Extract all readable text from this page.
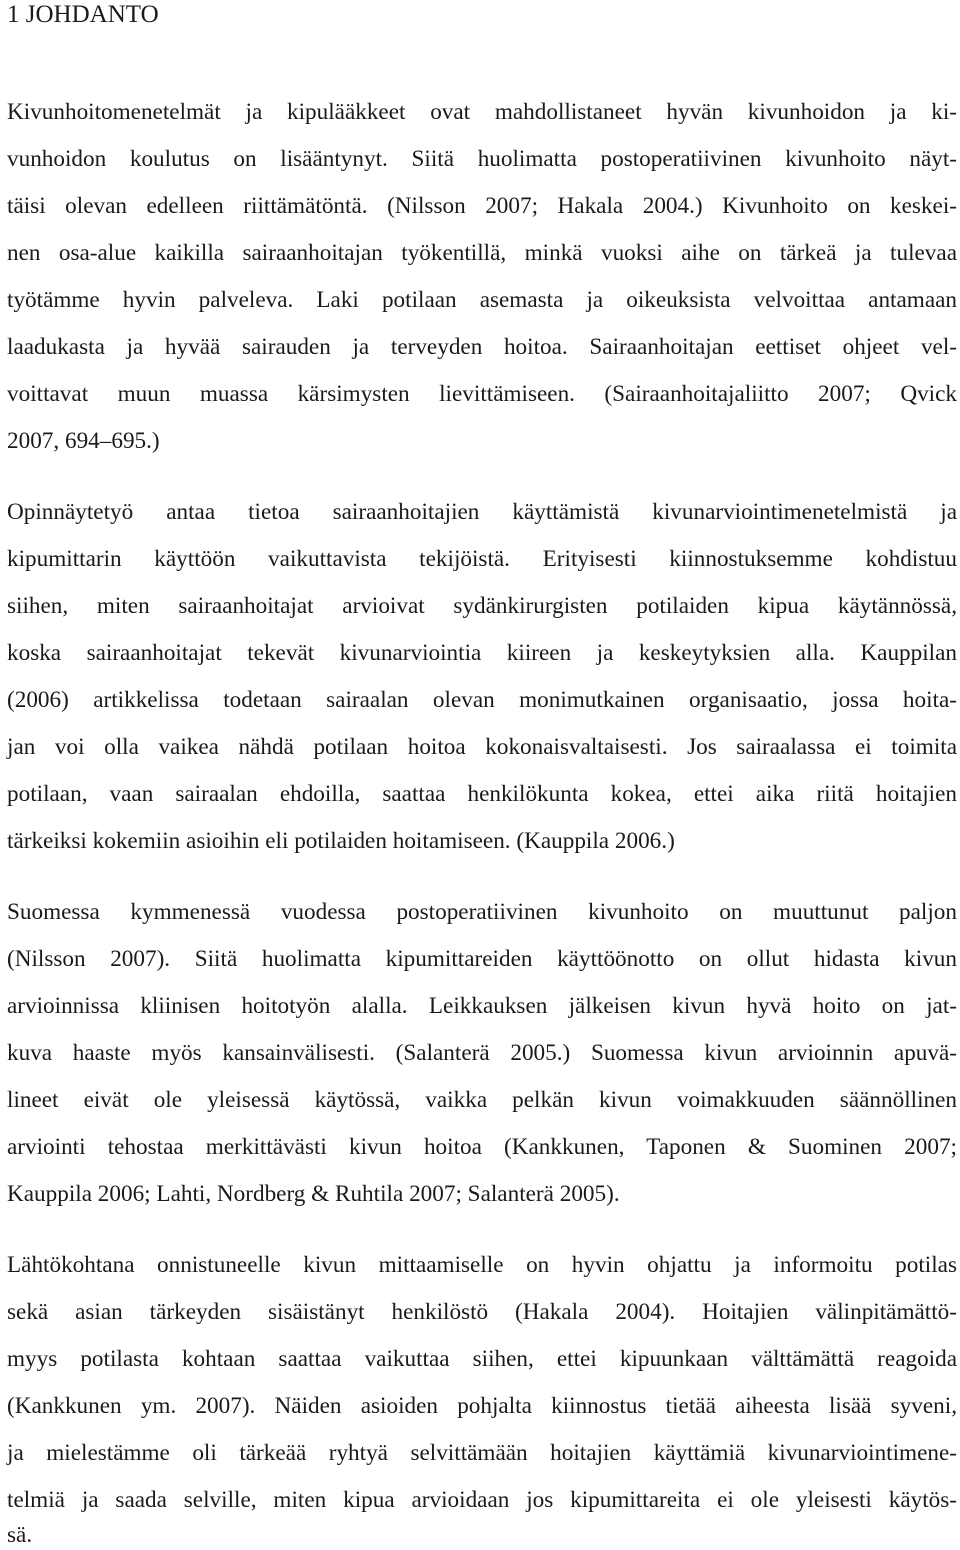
1 JOHDANTO
Kivunhoitomenetelmät ja kipulääkkeet ovat mahdollistaneet hyvän kivunhoidon ja ki-
vunhoidon koulutus on lisääntynyt. Siitä huolimatta postoperatiivinen kivunhoito näyt-
täisi olevan edelleen riittämätöntä. (Nilsson 2007; Hakala 2004.) Kivunhoito on keskei-
nen osa-alue kaikilla sairaanhoitajan työkentillä, minkä vuoksi aihe on tärkeä ja tulevaa
työtämme hyvin palveleva. Laki potilaan asemasta ja oikeuksista velvoittaa antamaan
laadukasta ja hyvää sairauden ja terveyden hoitoa. Sairaanhoitajan eettiset ohjeet vel-
voittavat muun muassa kärsimysten lievittämiseen. (Sairaanhoitajaliitto 2007; Qvick
2007, 694–695.)
Opinnäytetyö antaa tietoa sairaanhoitajien käyttämistä kivunarviointimenetelmistä ja
kipumittarin käyttöön vaikuttavista tekijöistä. Erityisesti kiinnostuksemme kohdistuu
siihen, miten sairaanhoitajat arvioivat sydänkirurgisten potilaiden kipua käytännössä,
koska sairaanhoitajat tekevät kivunarviointia kiireen ja keskeytyksien alla. Kauppilan
(2006) artikkelissa todetaan sairaalan olevan monimutkainen organisaatio, jossa hoita-
jan voi olla vaikea nähdä potilaan hoitoa kokonaisvaltaisesti. Jos sairaalassa ei toimita
potilaan, vaan sairaalan ehdoilla, saattaa henkilökunta kokea, ettei aika riitä hoitajien
tärkeiksi kokemiin asioihin eli potilaiden hoitamiseen. (Kauppila 2006.)
Suomessa kymmenessä vuodessa postoperatiivinen kivunhoito on muuttunut paljon
(Nilsson 2007). Siitä huolimatta kipumittareiden käyttöönotto on ollut hidasta kivun
arvioinnissa kliinisen hoitotyön alalla. Leikkauksen jälkeisen kivun hyvä hoito on jat-
kuva haaste myös kansainvälisesti. (Salanterä 2005.) Suomessa kivun arvioinnin apuvä-
lineet eivät ole yleisessä käytössä, vaikka pelkän kivun voimakkuuden säännöllinen
arviointi tehostaa merkittävästi kivun hoitoa (Kankkunen, Taponen & Suominen 2007;
Kauppila 2006; Lahti, Nordberg & Ruhtila 2007; Salanterä 2005).
Lähtökohtana onnistuneelle kivun mittaamiselle on hyvin ohjattu ja informoitu potilas
sekä asian tärkeyden sisäistänyt henkilöstö (Hakala 2004). Hoitajien välinpitämättö-
myys potilasta kohtaan saattaa vaikuttaa siihen, ettei kipuunkaan välttämättä reagoida
(Kankkunen ym. 2007). Näiden asioiden pohjalta kiinnostus tietää aiheesta lisää syveni,
ja mielestämme oli tärkeää ryhtyä selvittämään hoitajien käyttämiä kivunarviointimene-
telmiä ja saada selville, miten kipua arvioidaan jos kipumittareita ei ole yleisesti käytös-
sä.
